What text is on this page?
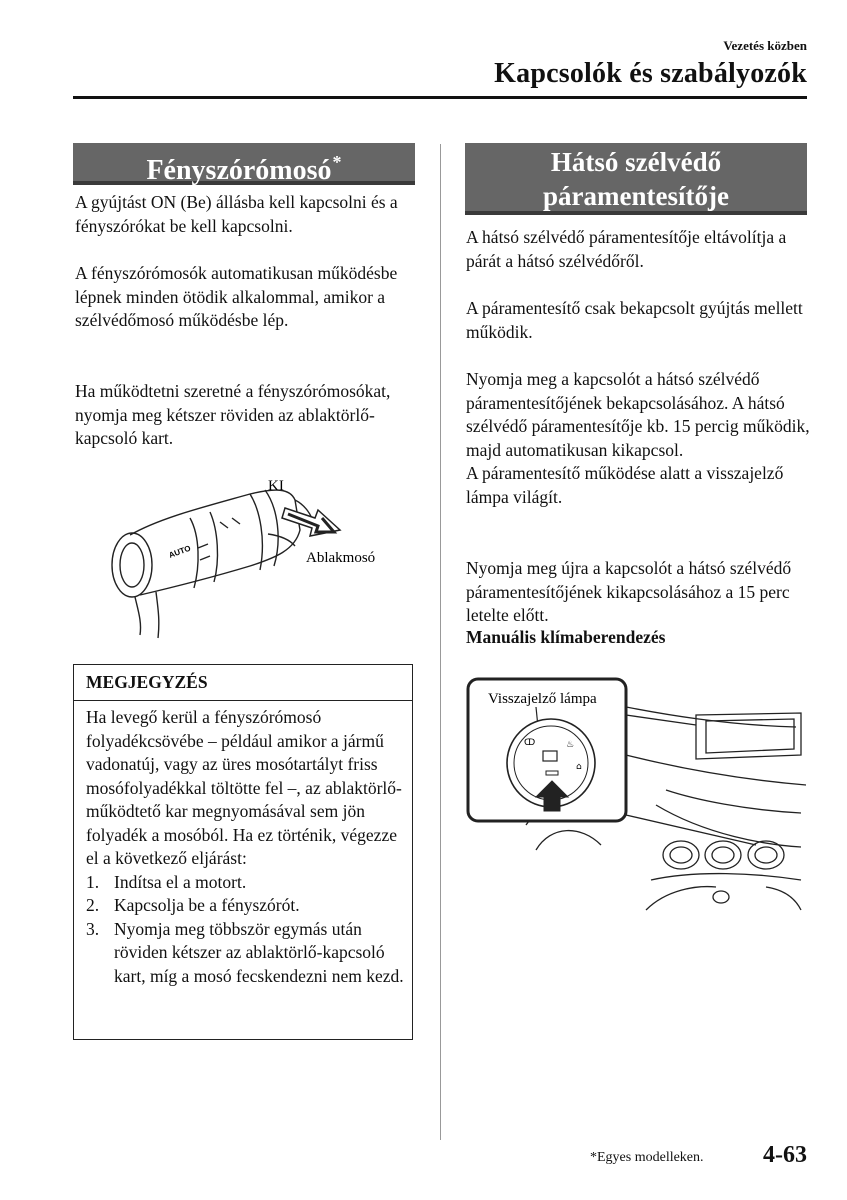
Vezetés közben
Kapcsolók és szabályozók
Fényszórómosó*

A gyújtást ON (Be) állásba kell kapcsolni és a fényszórókat be kell kapcsolni.

A fényszórómosók automatikusan működésbe lépnek minden ötödik alkalommal, amikor a szélvédőmosó működésbe lép.

Ha működtetni szeretné a fényszórómosókat, nyomja meg kétszer röviden az ablaktörlő-kapcsoló kart.

KI
AUTO	Ablakmosó
MEGJEGYZÉS

Ha levegő kerül a fényszórómosó folyadékcsövébe – például amikor a jármű vadonatúj, vagy az üres mosótartályt friss mosófolyadékkal töltötte fel –, az ablaktörlő-működtető kar megnyomásával sem jön folyadék a mosóból. Ha ez történik, végezze el a következő eljárást:

1. Indítsa el a motort.
2. Kapcsolja be a fényszórót.
3. Nyomja meg többször egymás után röviden kétszer az ablaktörlő-kapcsoló kart, míg a mosó fecskendezni nem kezd.
Hátsó szélvédő
páramentesítője

A hátsó szélvédő páramentesítője eltávolítja a párát a hátsó szélvédőről.

A páramentesítő csak bekapcsolt gyújtás mellett működik.

Nyomja meg a kapcsolót a hátsó szélvédő páramentesítőjének bekapcsolásához. A hátsó szélvédő páramentesítője kb. 15 percig működik, majd automatikusan kikapcsol.

A páramentesítő működése alatt a visszajelző lámpa világít.

Nyomja meg újra a kapcsolót a hátsó szélvédő páramentesítőjének kikapcsolásához a 15 perc letelte előtt.

Manuális klímaberendezés
Visszajelző lámpa
ↀ	♨
⌂
*Egyes modelleken. 4-63
